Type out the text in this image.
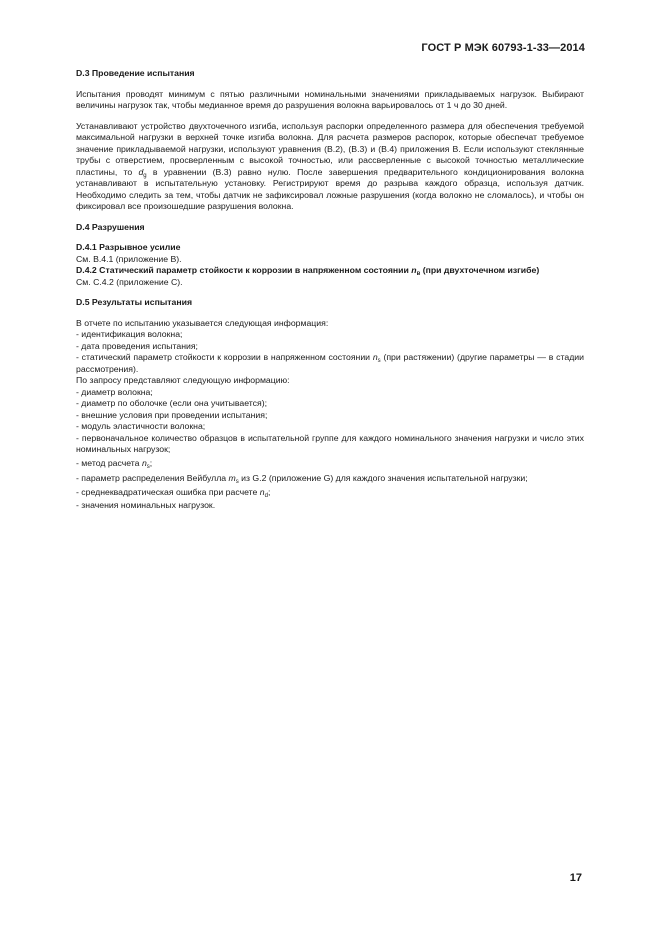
ГОСТ Р МЭК 60793-1-33—2014

D.3 Проведение испытания

Испытания проводят минимум с пятью различными номинальными значениями прикладываемых нагрузок. Выбирают величины нагрузок так, чтобы медианное время до разрушения волокна варьировалось от 1 ч до 30 дней.

Устанавливают устройство двухточечного изгиба, используя распорки определенного размера для обеспечения требуемой максимальной нагрузки в верхней точке изгиба волокна. Для расчета размеров распорок, которые обеспечат требуемое значение прикладываемой нагрузки, используют уравнения (B.2), (B.3) и (B.4) приложения B. Если используют стеклянные трубы с отверстием, просверленным с высокой точностью, или рассверленные с высокой точностью металлические пластины, то $d_g$ в уравнении (B.3) равно нулю. После завершения предварительного кондиционирования волокна устанавливают в испытательную установку. Регистрируют время до разрыва каждого образца, используя датчик. Необходимо следить за тем, чтобы датчик не зафиксировал ложные разрушения (когда волокно не сломалось), и чтобы он фиксировал все произошедшие разрушения волокна.

D.4 Разрушения

D.4.1 Разрывное усилие

См. B.4.1 (приложение B).

D.4.2 Статический параметр стойкости к коррозии в напряженном состоянии $n_в$ (при двухточечном изгибе)

См. C.4.2 (приложение C).

D.5 Результаты испытания

В отчете по испытанию указывается следующая информация:

- идентификация волокна;

- дата проведения испытания;

- статический параметр стойкости к коррозии в напряженном состоянии $n_s$ (при растяжении) (другие параметры — в стадии рассмотрения).

По запросу представляют следующую информацию:

- диаметр волокна;

- диаметр по оболочке (если она учитывается);

- внешние условия при проведении испытания;

- модуль эластичности волокна;

- первоначальное количество образцов в испытательной группе для каждого номинального значения нагрузки и число этих номинальных нагрузок;

- метод расчета $n_s$;

- параметр распределения Вейбулла $m_s$ из G.2 (приложение G) для каждого значения испытательной нагрузки;

- среднеквадратическая ошибка при расчете $n_d$;

- значения номинальных нагрузок.

17
